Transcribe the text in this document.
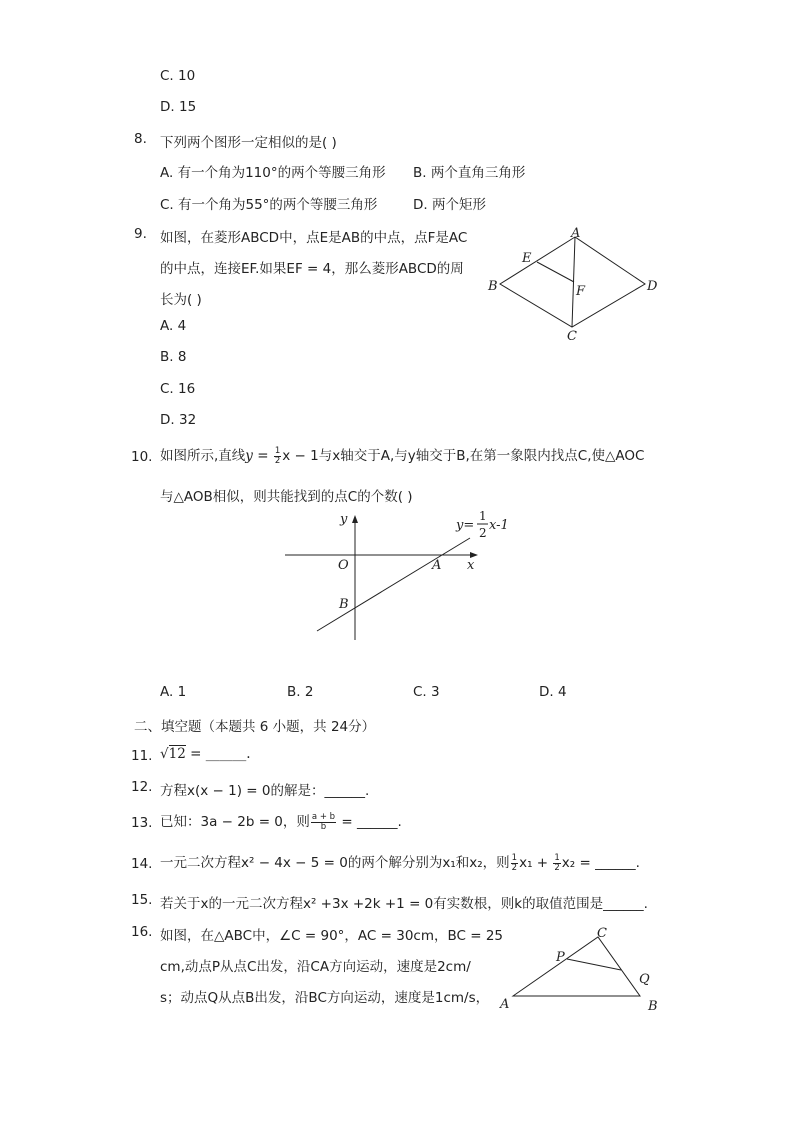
C. 10
D. 15
8. 下列两个图形一定相似的是( )
A. 有一个角为110°的两个等腰三角形 B. 两个直角三角形
C. 有一个角为55°的两个等腰三角形	D. 两个矩形
9. 如图，在菱形ABCD中，点E是AB的中点，点F是AC
的中点，连接EF.如果EF = 4，那么菱形ABCD的周
长为( )
A. 4
B. 8
C. 16
D. 32
A
B
C
D
E
F
10. 如图所示,直线$y = \frac{1}{2}$ x − 1与x轴交于A,与y轴交于B,在第一象限内找点C,使△AOC
与△AOB相似，则共能找到的点C的个数( )
y
x
O	A
B
y=
1
2 x-1
A. 1	B. 2	C. 3	D. 4
二、填空题（本题共 6 小题，共 24分）
11. √12 = ______.
12. 方程x(x − 1) = 0的解是：______.
13. 已知：3a − 2b = 0，则 $\frac{a + b}{b}$ = ______.
14. 一元二次方程x² − 4x − 5 = 0的两个解分别为x₁和x₂，则 $\frac{1}{2} x_1 + \frac{1}{2} x_2$ = ______.
15. 若关于x的一元二次方程x² +3x +2k +1 = 0有实数根，则k的取值范围是______.
16. 如图，在△ABC中，∠C = 90°，AC = 30cm，BC = 25
cm,动点P从点C出发，沿CA方向运动，速度是2cm/
s；动点Q从点B出发，沿BC方向运动，速度是1cm/s， A	B
C
P
Q
